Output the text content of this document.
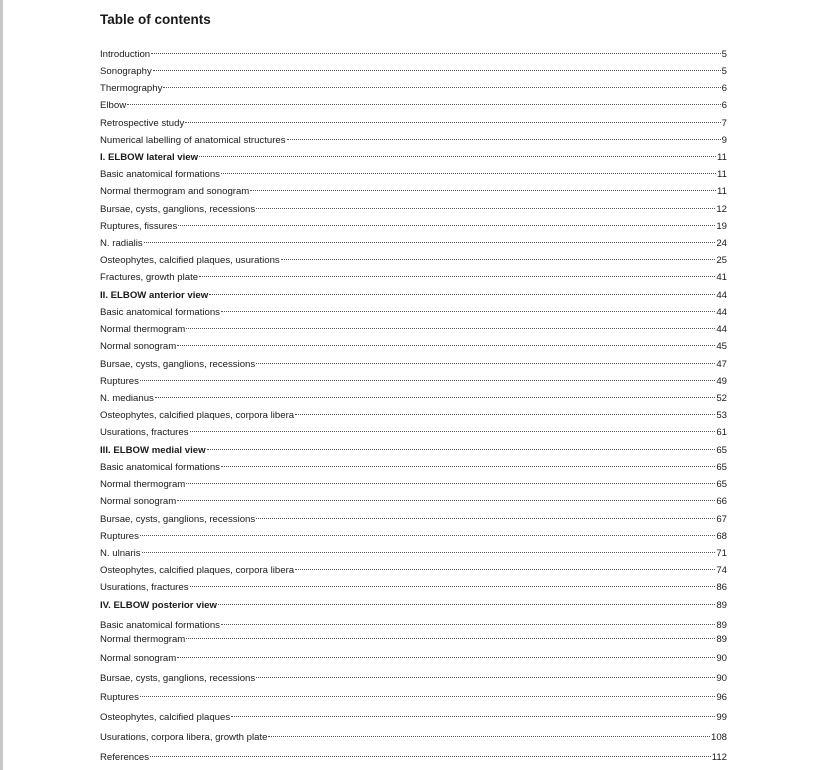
Table of contents
Introduction	5
Sonography	5
Thermography	6
Elbow	6
Retrospective study	7
Numerical labelling of anatomical structures	9
I. ELBOW lateral view	11
Basic anatomical formations	11
Normal thermogram and sonogram	11
Bursae, cysts, ganglions, recessions	12
Ruptures, fissures	19
N. radialis	24
Osteophytes, calcified plaques, usurations	25
Fractures, growth plate	41
II. ELBOW anterior view	44
Basic anatomical formations	44
Normal thermogram	44
Normal sonogram	45
Bursae, cysts, ganglions, recessions	47
Ruptures	49
N. medianus	52
Osteophytes, calcified plaques, corpora libera	53
Usurations, fractures	61
III. ELBOW medial view	65
Basic anatomical formations	65
Normal thermogram	65
Normal sonogram	66
Bursae, cysts, ganglions, recessions	67
Ruptures	68
N. ulnaris	71
Osteophytes, calcified plaques, corpora libera	74
Usurations, fractures	86
IV. ELBOW posterior view	89
Basic anatomical formations	89
Normal thermogram	89
Normal sonogram	90
Bursae, cysts, ganglions, recessions	90
Ruptures	96
Osteophytes, calcified plaques	99
Usurations, corpora libera, growth plate	108
References	112
